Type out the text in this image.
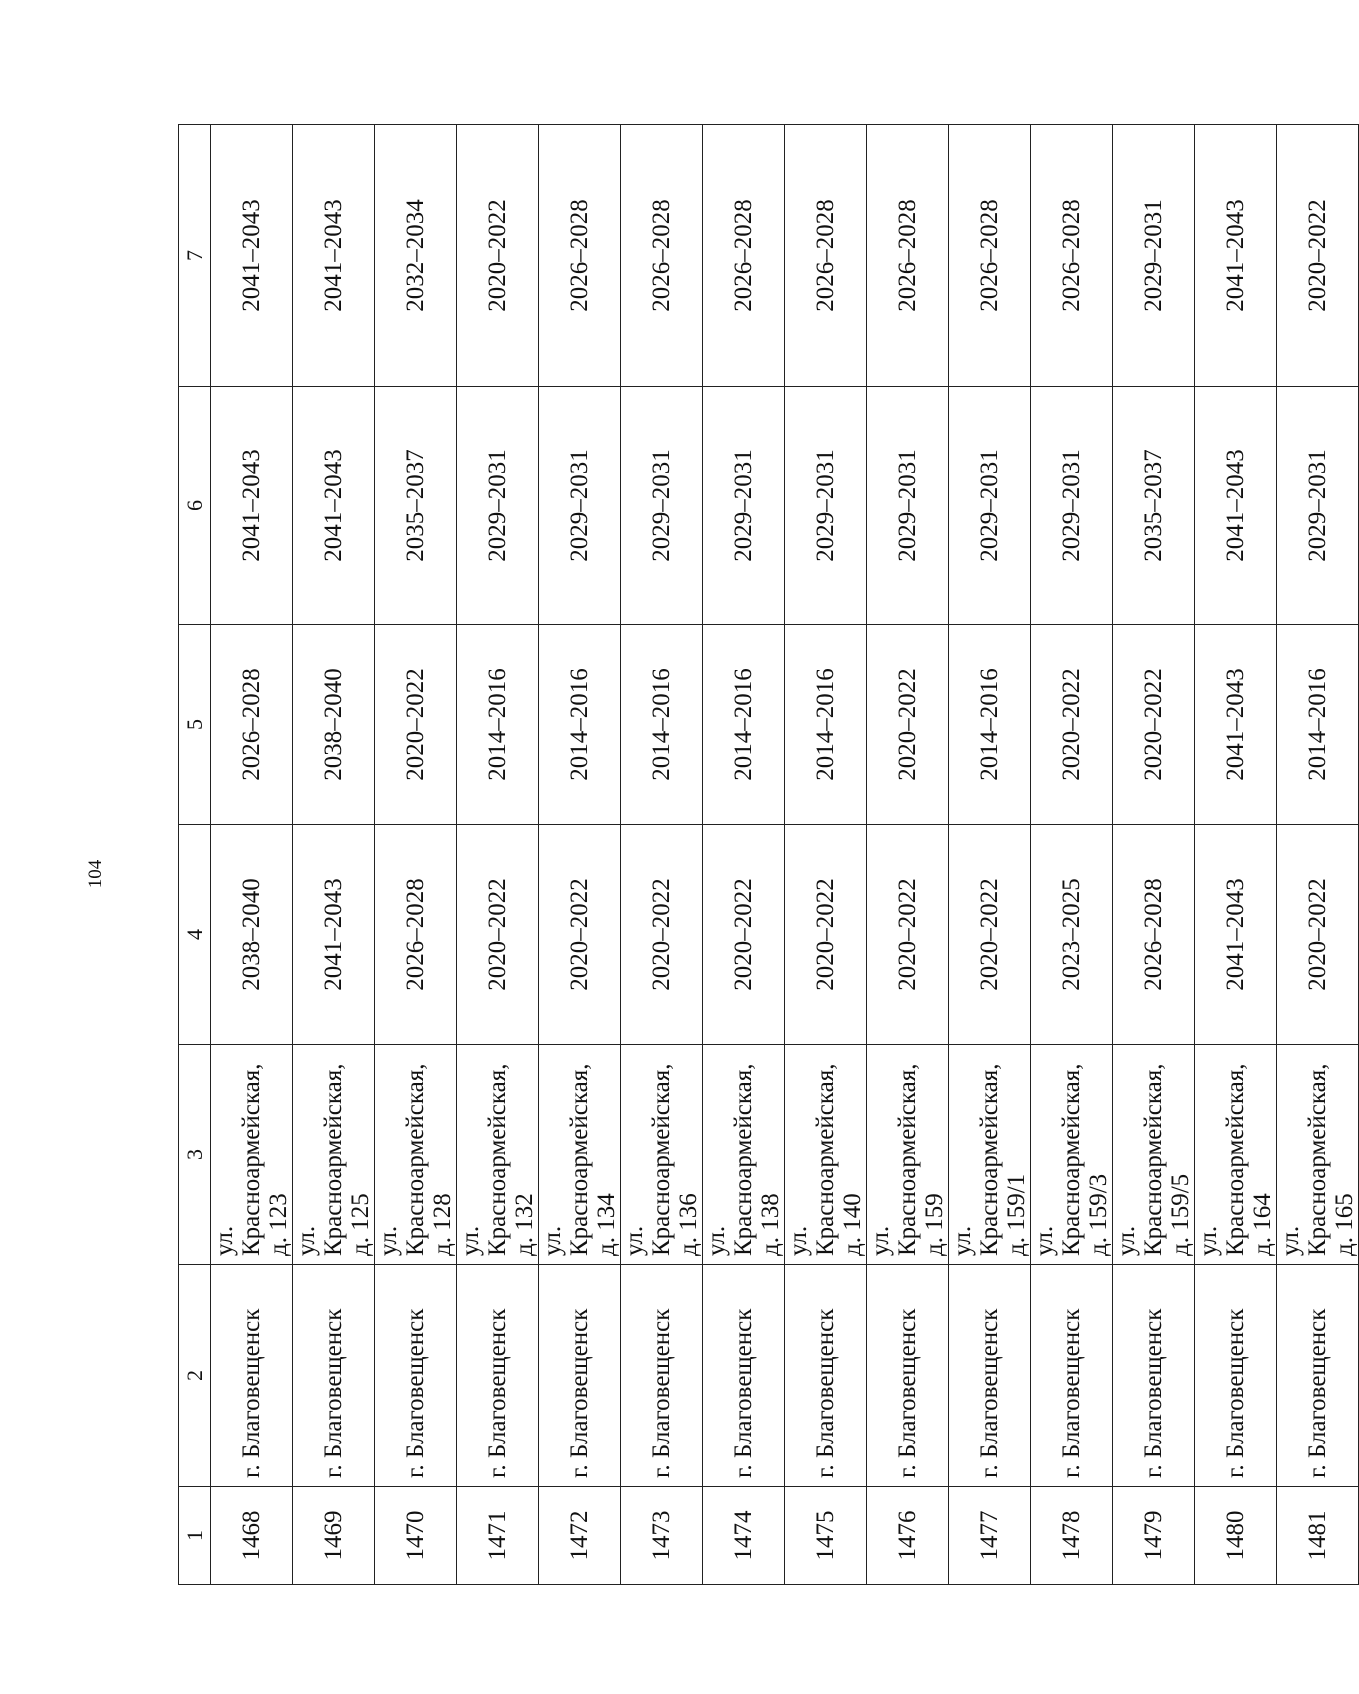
104
1	2	3	4	5	6	7
1468	г. Благовещенск	ул. Красноармейская, д. 123	2038–2040	2026–2028	2041–2043	2041–2043
1469	г. Благовещенск	ул. Красноармейская, д. 125	2041–2043	2038–2040	2041–2043	2041–2043
1470	г. Благовещенск	ул. Красноармейская, д. 128	2026–2028	2020–2022	2035–2037	2032–2034
1471	г. Благовещенск	ул. Красноармейская, д. 132	2020–2022	2014–2016	2029–2031	2020–2022
1472	г. Благовещенск	ул. Красноармейская, д. 134	2020–2022	2014–2016	2029–2031	2026–2028
1473	г. Благовещенск	ул. Красноармейская, д. 136	2020–2022	2014–2016	2029–2031	2026–2028
1474	г. Благовещенск	ул. Красноармейская, д. 138	2020–2022	2014–2016	2029–2031	2026–2028
1475	г. Благовещенск	ул. Красноармейская, д. 140	2020–2022	2014–2016	2029–2031	2026–2028
1476	г. Благовещенск	ул. Красноармейская, д. 159	2020–2022	2020–2022	2029–2031	2026–2028
1477	г. Благовещенск	ул. Красноармейская, д. 159/1	2020–2022	2014–2016	2029–2031	2026–2028
1478	г. Благовещенск	ул. Красноармейская, д. 159/3	2023–2025	2020–2022	2029–2031	2026–2028
1479	г. Благовещенск	ул. Красноармейская, д. 159/5	2026–2028	2020–2022	2035–2037	2029–2031
1480	г. Благовещенск	ул. Красноармейская, д. 164	2041–2043	2041–2043	2041–2043	2041–2043
1481	г. Благовещенск	ул. Красноармейская, д. 165	2020–2022	2014–2016	2029–2031	2020–2022
